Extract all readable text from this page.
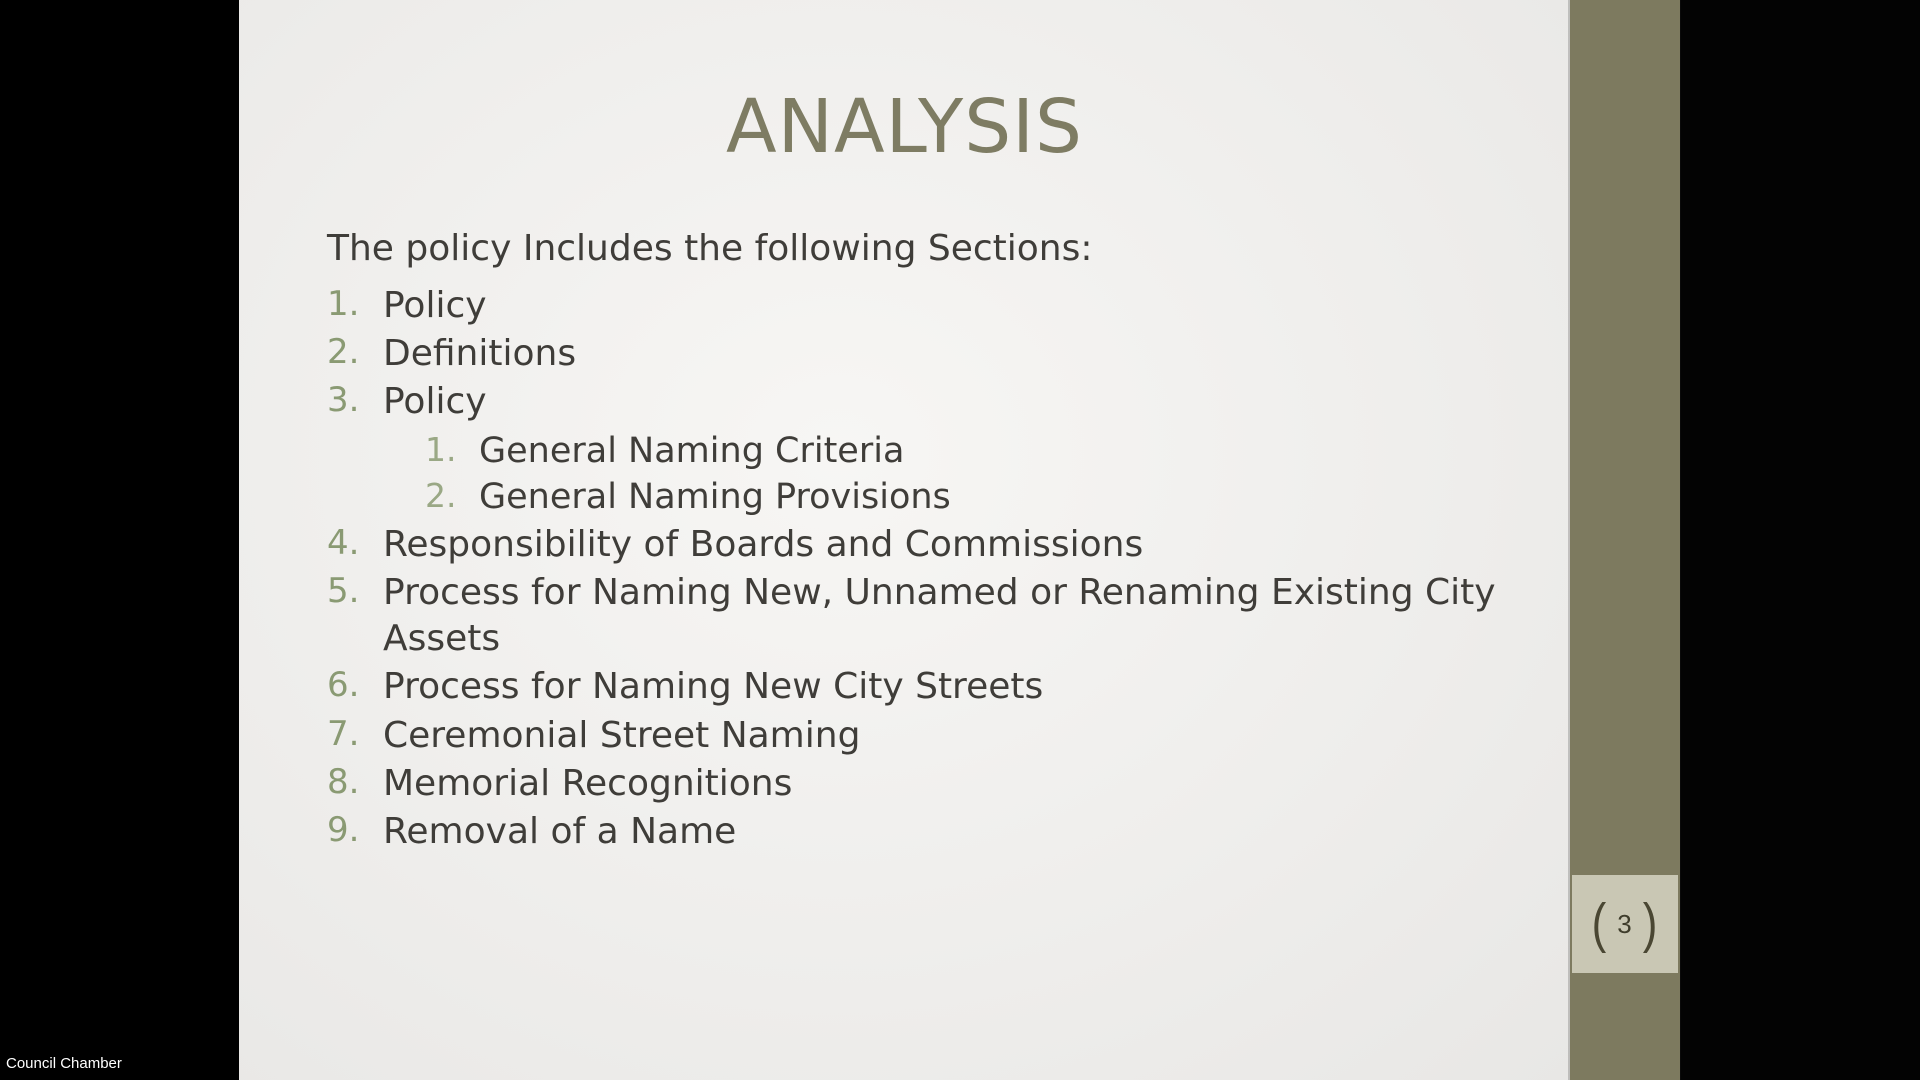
ANALYSIS
The policy Includes the following Sections:
1. Policy
2. Definitions
3. Policy
1. General Naming Criteria
2. General Naming Provisions
4. Responsibility of Boards and Commissions
5. Process for Naming New, Unnamed or Renaming Existing City Assets
6. Process for Naming New City Streets
7. Ceremonial Street Naming
8. Memorial Recognitions
9. Removal of a Name
( 3 )
Council Chamber
